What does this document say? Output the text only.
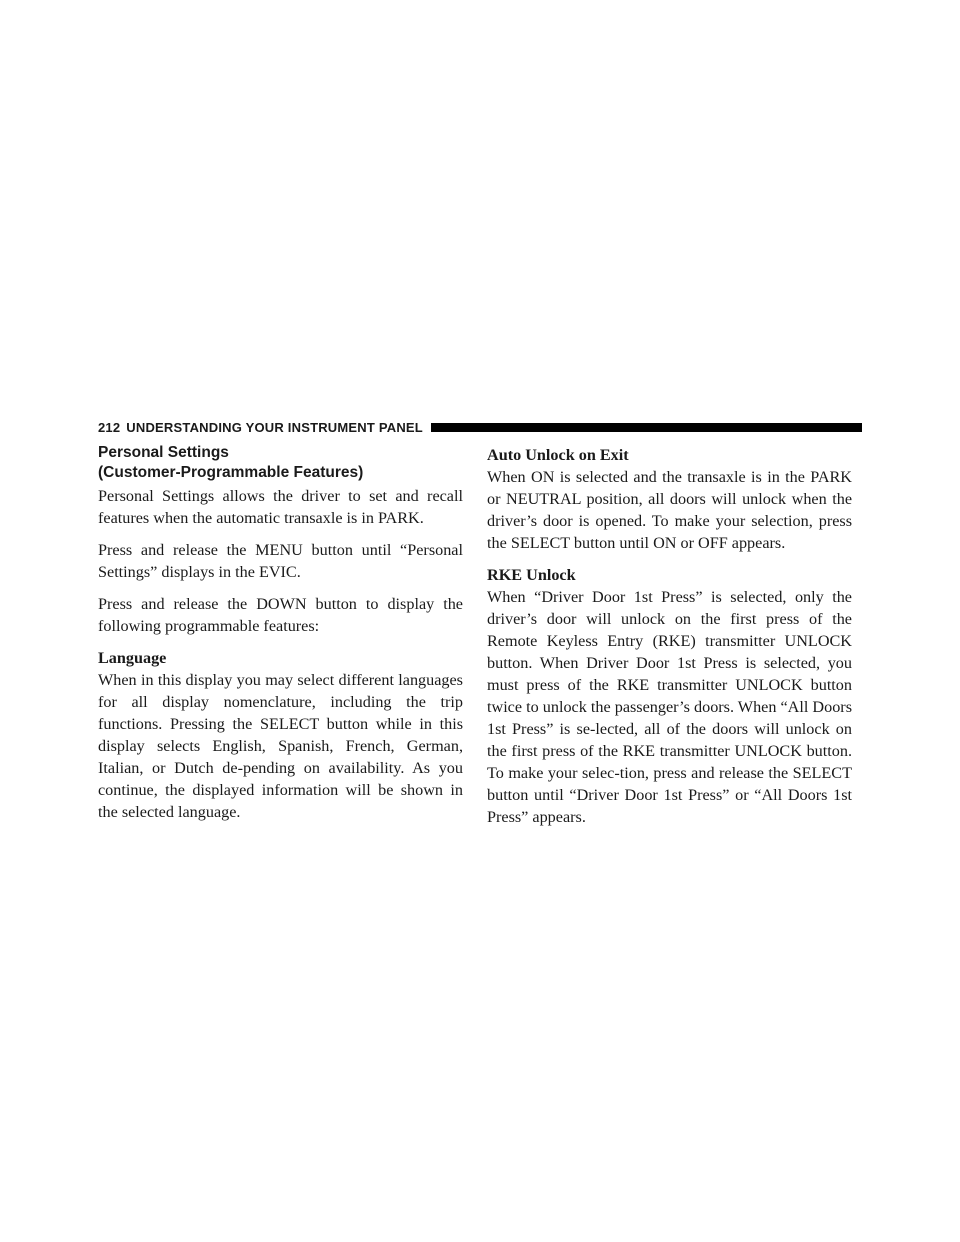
212 UNDERSTANDING YOUR INSTRUMENT PANEL
Personal Settings
(Customer-Programmable Features)

Personal Settings allows the driver to set and recall features when the automatic transaxle is in PARK.

Press and release the MENU button until “Personal Settings” displays in the EVIC.

Press and release the DOWN button to display the following programmable features:

Language

When in this display you may select different languages for all display nomenclature, including the trip functions. Pressing the SELECT button while in this display selects English, Spanish, French, German, Italian, or Dutch de-pending on availability. As you continue, the displayed information will be shown in the selected language.

Auto Unlock on Exit

When ON is selected and the transaxle is in the PARK or NEUTRAL position, all doors will unlock when the driver’s door is opened. To make your selection, press the SELECT button until ON or OFF appears.

RKE Unlock

When “Driver Door 1st Press” is selected, only the driver’s door will unlock on the first press of the Remote Keyless Entry (RKE) transmitter UNLOCK button. When Driver Door 1st Press is selected, you must press of the RKE transmitter UNLOCK button twice to unlock the passenger’s doors. When “All Doors 1st Press” is se-lected, all of the doors will unlock on the first press of the RKE transmitter UNLOCK button. To make your selec-tion, press and release the SELECT button until “Driver Door 1st Press” or “All Doors 1st Press” appears.
